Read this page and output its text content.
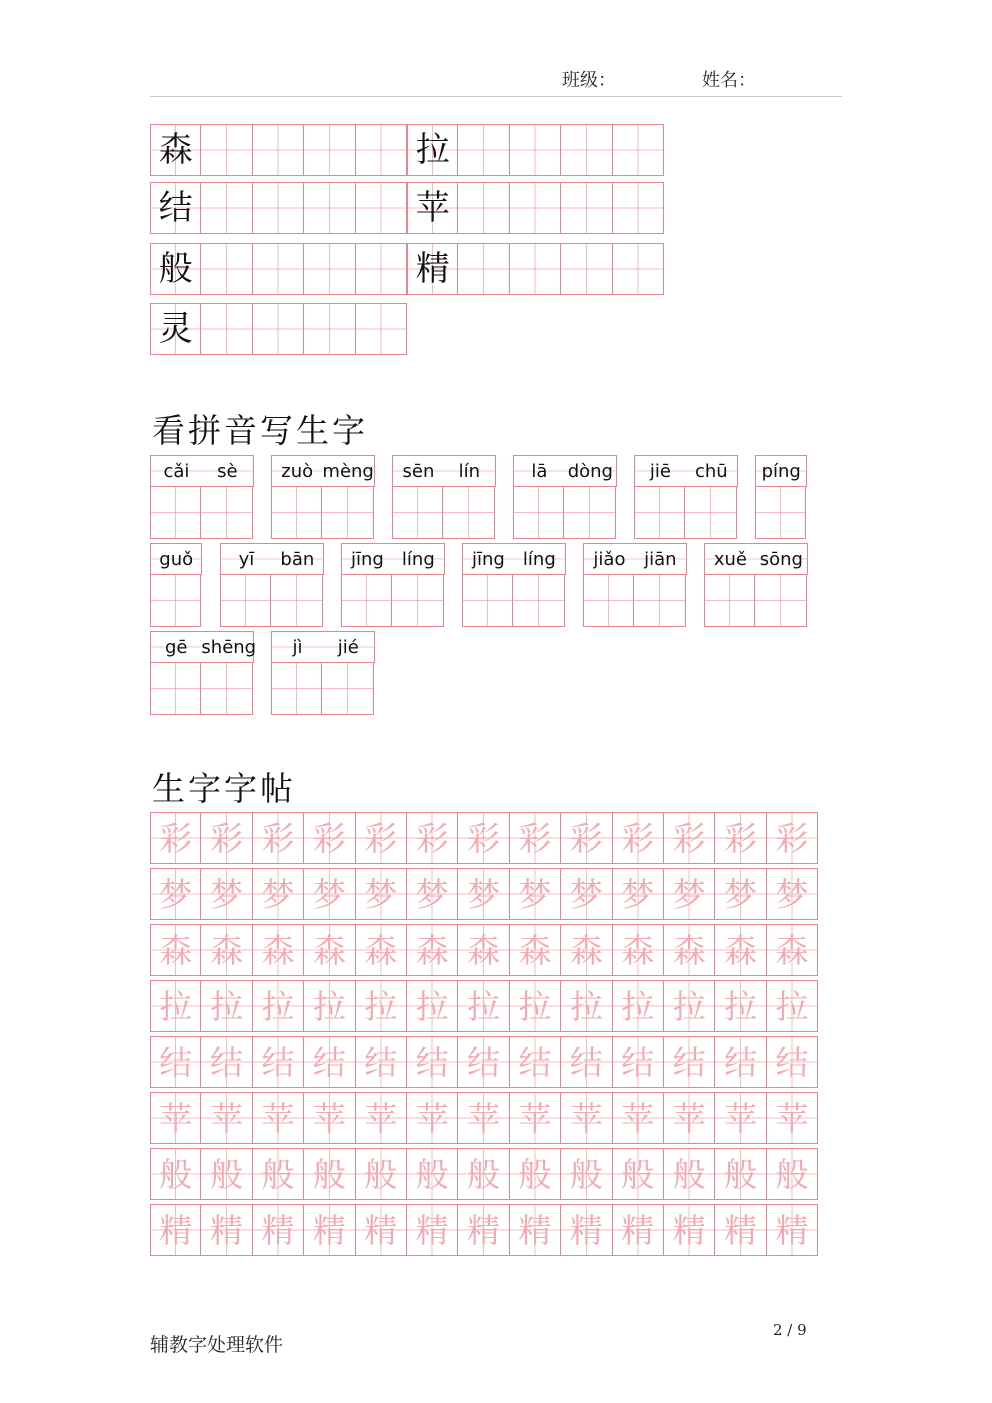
班级：	姓名：
森	拉
结	苹
般	精
灵
看拼音写生字
cǎi	sè	zuò mèng	sēn	lín	lā	dòng	jiē	chū	píng
guǒ	yī	bān	jīng	líng	jīng	líng	jiǎo	jiān	xuě sōng
gē shēng	jì	jié
生字字帖
彩 彩 彩 彩 彩 彩 彩 彩 彩 彩 彩 彩 彩
梦 梦 梦 梦 梦 梦 梦 梦 梦 梦 梦 梦 梦
森 森 森 森 森 森 森 森 森 森 森 森 森
拉 拉 拉 拉 拉 拉 拉 拉 拉 拉 拉 拉 拉
结 结 结 结 结 结 结 结 结 结 结 结 结
苹 苹 苹 苹 苹 苹 苹 苹 苹 苹 苹 苹 苹
般 般 般 般 般 般 般 般 般 般 般 般 般
精 精 精 精 精 精 精 精 精 精 精 精 精
辅教字处理软件
2 / 9
